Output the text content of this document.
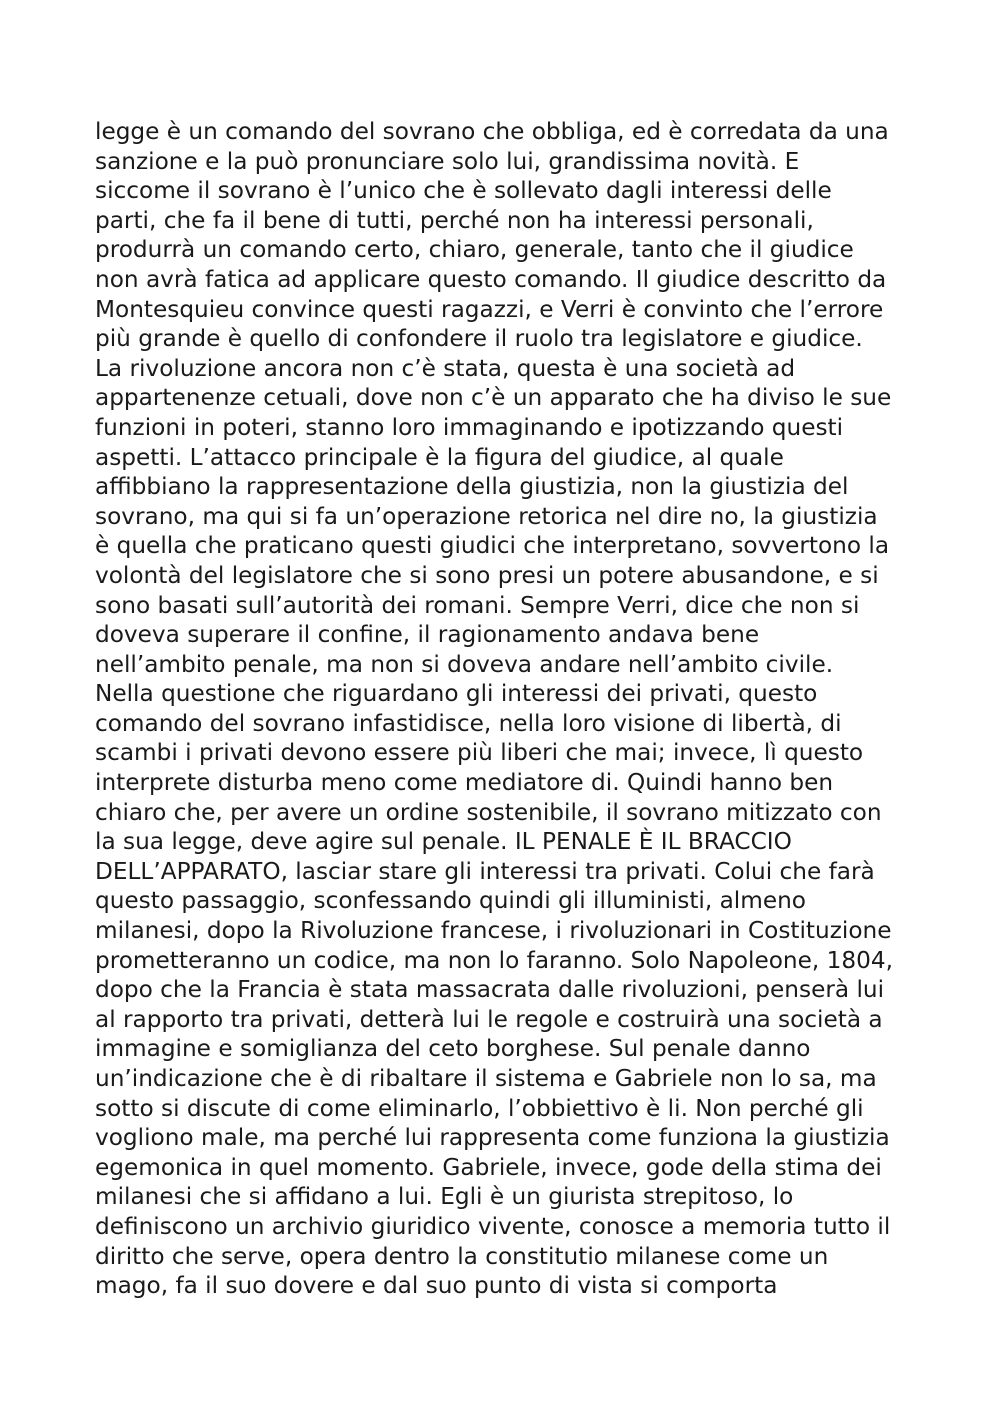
legge è un comando del sovrano che obbliga, ed è corredata da una
sanzione e la può pronunciare solo lui, grandissima novità. E
siccome il sovrano è l’unico che è sollevato dagli interessi delle
parti, che fa il bene di tutti, perché non ha interessi personali,
produrrà un comando certo, chiaro, generale, tanto che il giudice
non avrà fatica ad applicare questo comando. Il giudice descritto da
Montesquieu convince questi ragazzi, e Verri è convinto che l’errore
più grande è quello di confondere il ruolo tra legislatore e giudice.
La rivoluzione ancora non c’è stata, questa è una società ad
appartenenze cetuali, dove non c’è un apparato che ha diviso le sue
funzioni in poteri, stanno loro immaginando e ipotizzando questi
aspetti. L’attacco principale è la figura del giudice, al quale
affibbiano la rappresentazione della giustizia, non la giustizia del
sovrano, ma qui si fa un’operazione retorica nel dire no, la giustizia
è quella che praticano questi giudici che interpretano, sovvertono la
volontà del legislatore che si sono presi un potere abusandone, e si
sono basati sull’autorità dei romani. Sempre Verri, dice che non si
doveva superare il confine, il ragionamento andava bene
nell’ambito penale, ma non si doveva andare nell’ambito civile.
Nella questione che riguardano gli interessi dei privati, questo
comando del sovrano infastidisce, nella loro visione di libertà, di
scambi i privati devono essere più liberi che mai; invece, lì questo
interprete disturba meno come mediatore di. Quindi hanno ben
chiaro che, per avere un ordine sostenibile, il sovrano mitizzato con
la sua legge, deve agire sul penale. IL PENALE È IL BRACCIO
DELL’APPARATO, lasciar stare gli interessi tra privati. Colui che farà
questo passaggio, sconfessando quindi gli illuministi, almeno
milanesi, dopo la Rivoluzione francese, i rivoluzionari in Costituzione
prometteranno un codice, ma non lo faranno. Solo Napoleone, 1804,
dopo che la Francia è stata massacrata dalle rivoluzioni, penserà lui
al rapporto tra privati, detterà lui le regole e costruirà una società a
immagine e somiglianza del ceto borghese. Sul penale danno
un’indicazione che è di ribaltare il sistema e Gabriele non lo sa, ma
sotto si discute di come eliminarlo, l’obbiettivo è li. Non perché gli
vogliono male, ma perché lui rappresenta come funziona la giustizia
egemonica in quel momento. Gabriele, invece, gode della stima dei
milanesi che si affidano a lui. Egli è un giurista strepitoso, lo
definiscono un archivio giuridico vivente, conosce a memoria tutto il
diritto che serve, opera dentro la constitutio milanese come un
mago, fa il suo dovere e dal suo punto di vista si comporta
